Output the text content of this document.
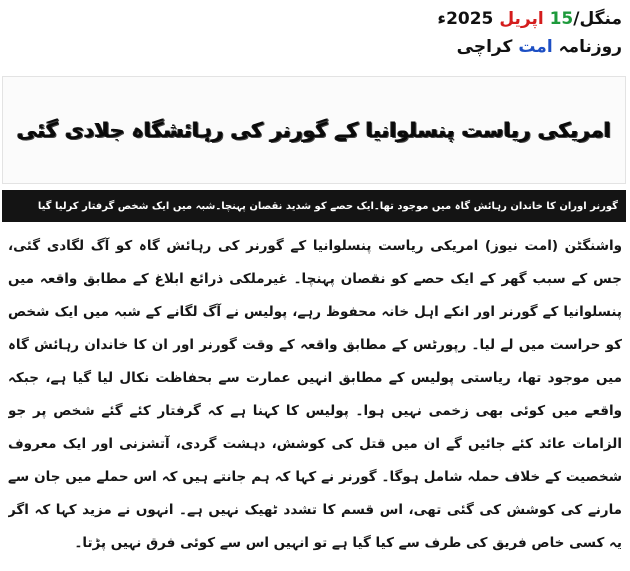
منگل/15 اپریل 2025ء
روزنامہ امت کراچی
امریکی ریاست پنسلوانیا کے گورنر کی رہائشگاہ جلادی گئی
گورنر اوران کا خاندان رہائش گاہ میں موجود تھا۔ایک حصے کو شدید نقصان پہنچا۔شبہ میں ایک شخص گرفتار کرلیا گیا
واشنگٹن (امت نیوز) امریکی ریاست پنسلوانیا کے گورنر کی رہائش گاہ کو آگ لگادی گئی، جس کے سبب گھر کے ایک حصے کو نقصان پہنچا۔ غیرملکی ذرائع ابلاغ کے مطابق واقعہ میں پنسلوانیا کے گورنر اور انکے اہل خانہ محفوظ رہے، پولیس نے آگ لگانے کے شبہ میں ایک شخص کو حراست میں لے لیا۔ رپورٹس کے مطابق واقعہ کے وقت گورنر اور ان کا خاندان رہائش گاہ میں موجود تھا، ریاستی پولیس کے مطابق انہیں عمارت سے بحفاظت نکال لیا گیا ہے، جبکہ واقعے میں کوئی بھی زخمی نہیں ہوا۔ پولیس کا کہنا ہے کہ گرفتار کئے گئے شخص پر جو الزامات عائد کئے جائیں گے ان میں قتل کی کوشش، دہشت گردی، آتشزنی اور ایک معروف شخصیت کے خلاف حملہ شامل ہوگا۔ گورنر نے کہا کہ ہم جانتے ہیں کہ اس حملے میں جان سے مارنے کی کوشش کی گئی تھی، اس قسم کا تشدد ٹھیک نہیں ہے۔ انہوں نے مزید کہا کہ اگر یہ کسی خاص فریق کی طرف سے کیا گیا ہے تو انہیں اس سے کوئی فرق نہیں پڑتا۔
